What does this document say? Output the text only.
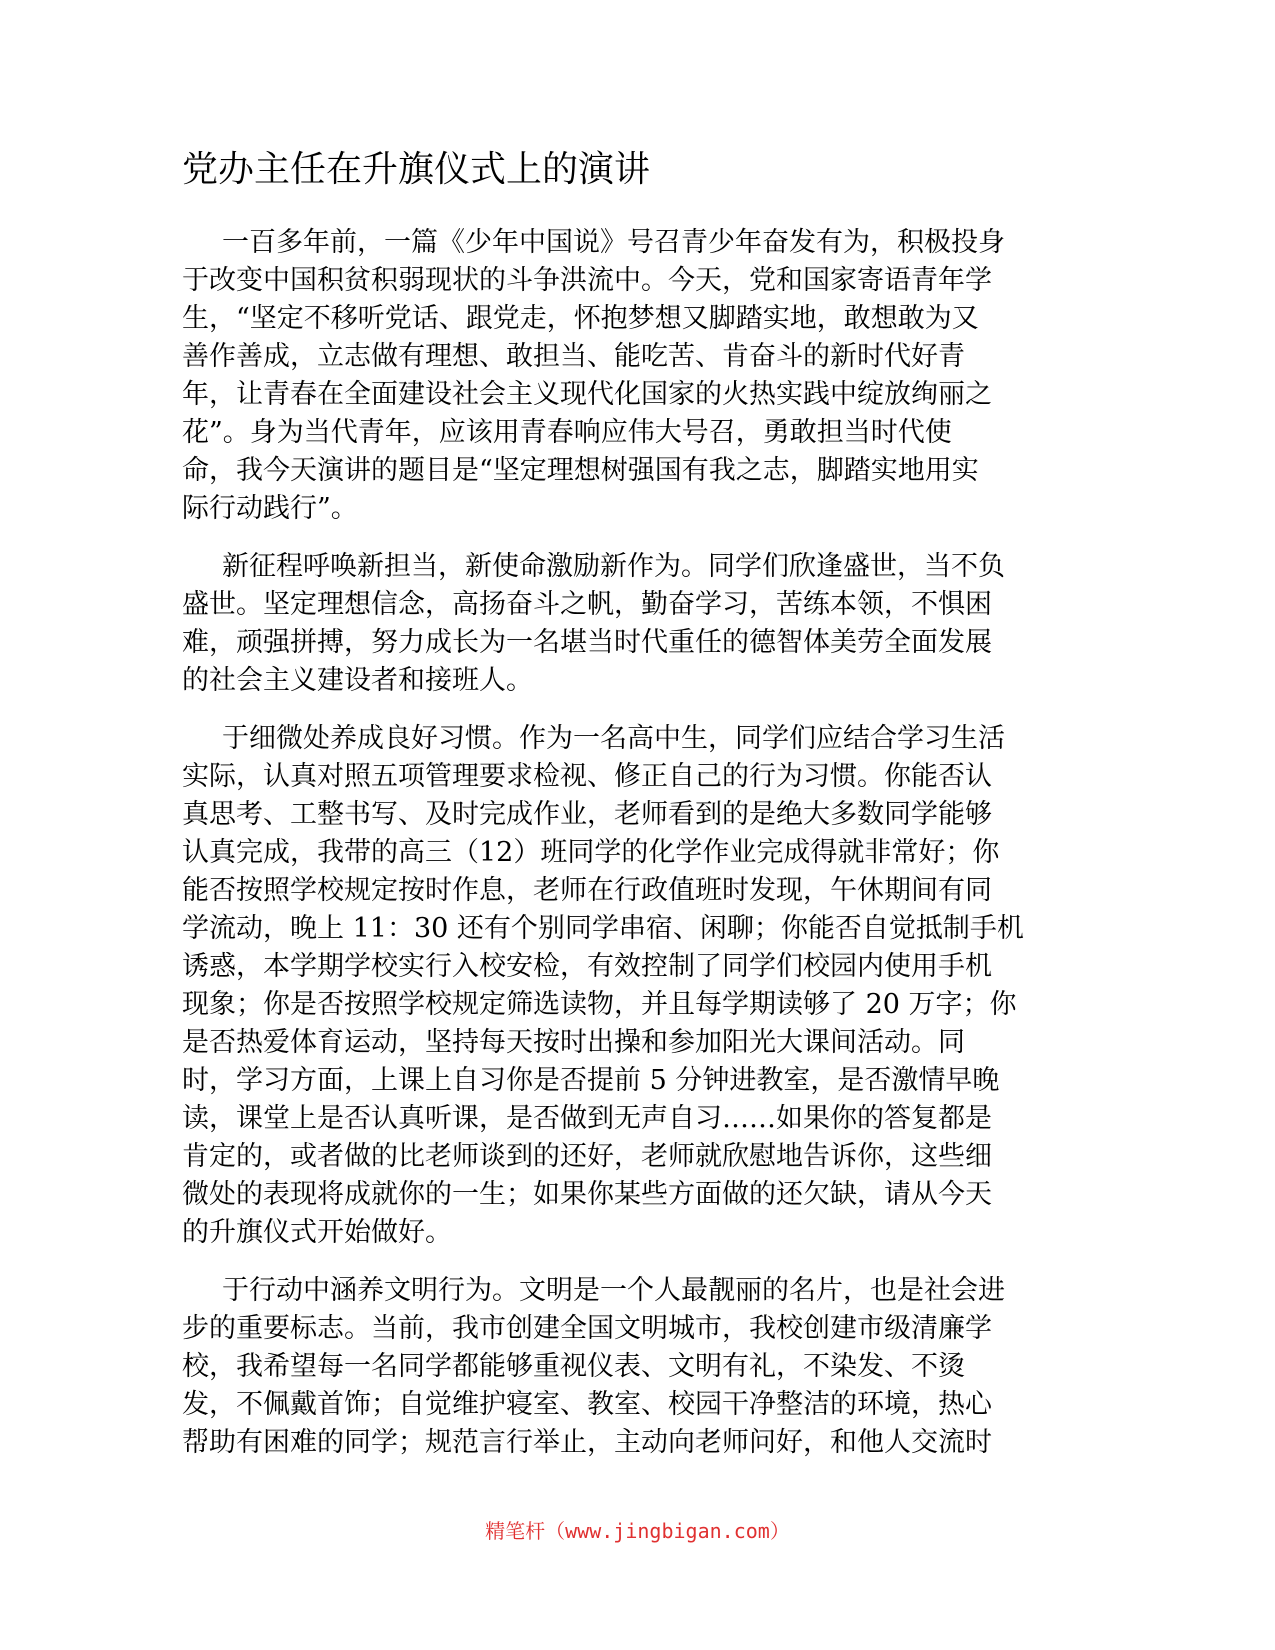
党办主任在升旗仪式上的演讲

一百多年前，一篇《少年中国说》号召青少年奋发有为，积极投身
于改变中国积贫积弱现状的斗争洪流中。今天，党和国家寄语青年学
生，“坚定不移听党话、跟党走，怀抱梦想又脚踏实地，敢想敢为又
善作善成，立志做有理想、敢担当、能吃苦、肯奋斗的新时代好青
年，让青春在全面建设社会主义现代化国家的火热实践中绽放绚丽之
花”。身为当代青年，应该用青春响应伟大号召，勇敢担当时代使
命，我今天演讲的题目是“坚定理想树强国有我之志，脚踏实地用实
际行动践行”。

新征程呼唤新担当，新使命激励新作为。同学们欣逢盛世，当不负
盛世。坚定理想信念，高扬奋斗之帆，勤奋学习，苦练本领，不惧困
难，顽强拼搏，努力成长为一名堪当时代重任的德智体美劳全面发展
的社会主义建设者和接班人。

于细微处养成良好习惯。作为一名高中生，同学们应结合学习生活
实际，认真对照五项管理要求检视、修正自己的行为习惯。你能否认
真思考、工整书写、及时完成作业，老师看到的是绝大多数同学能够
认真完成，我带的高三（12）班同学的化学作业完成得就非常好；你
能否按照学校规定按时作息，老师在行政值班时发现，午休期间有同
学流动，晚上 11：30 还有个别同学串宿、闲聊；你能否自觉抵制手机
诱惑，本学期学校实行入校安检，有效控制了同学们校园内使用手机
现象；你是否按照学校规定筛选读物，并且每学期读够了 20 万字；你
是否热爱体育运动，坚持每天按时出操和参加阳光大课间活动。同
时，学习方面，上课上自习你是否提前 5 分钟进教室，是否激情早晚
读，课堂上是否认真听课，是否做到无声自习……如果你的答复都是
肯定的，或者做的比老师谈到的还好，老师就欣慰地告诉你，这些细
微处的表现将成就你的一生；如果你某些方面做的还欠缺，请从今天
的升旗仪式开始做好。

于行动中涵养文明行为。文明是一个人最靓丽的名片，也是社会进
步的重要标志。当前，我市创建全国文明城市，我校创建市级清廉学
校，我希望每一名同学都能够重视仪表、文明有礼，不染发、不烫
发，不佩戴首饰；自觉维护寝室、教室、校园干净整洁的环境，热心
帮助有困难的同学；规范言行举止，主动向老师问好，和他人交流时

精笔杆（www.jingbigan.com）
